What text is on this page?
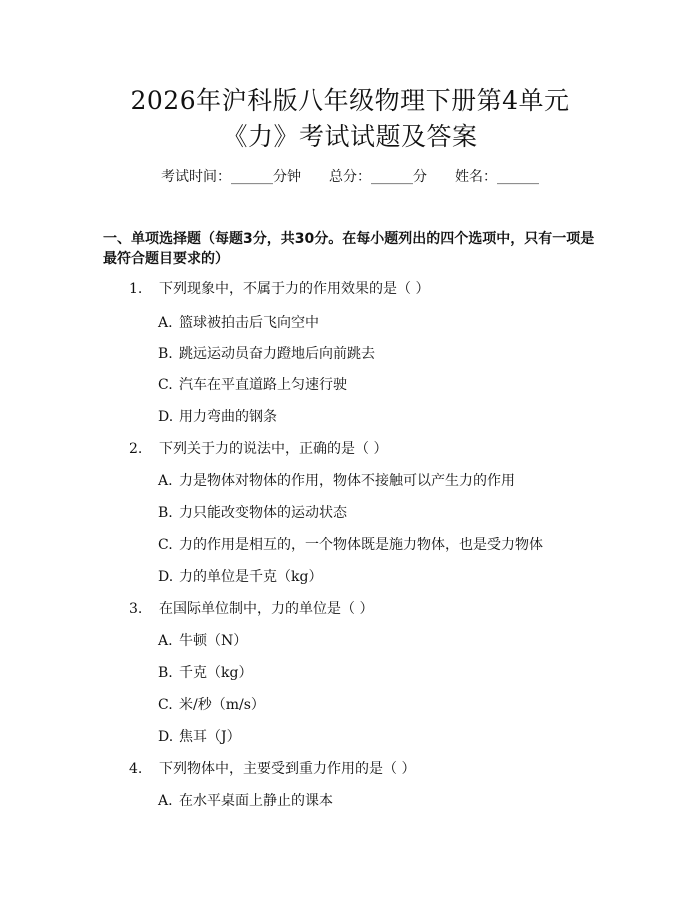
2026年沪科版八年级物理下册第4单元
《力》考试试题及答案
考试时间：______分钟 总分：______分 姓名：______
一、单项选择题（每题3分，共30分。在每小题列出的四个选项中，只有一项是
最符合题目要求的）
1. 下列现象中，不属于力的作用效果的是（ ）
A. 篮球被拍击后飞向空中
B. 跳远运动员奋力蹬地后向前跳去
C. 汽车在平直道路上匀速行驶
D. 用力弯曲的钢条
2. 下列关于力的说法中，正确的是（ ）
A. 力是物体对物体的作用，物体不接触可以产生力的作用
B. 力只能改变物体的运动状态
C. 力的作用是相互的，一个物体既是施力物体，也是受力物体
D. 力的单位是千克（kg）
3. 在国际单位制中，力的单位是（ ）
A. 牛顿（N）
B. 千克（kg）
C. 米/秒（m/s）
D. 焦耳（J）
4. 下列物体中，主要受到重力作用的是（ ）
A. 在水平桌面上静止的课本
